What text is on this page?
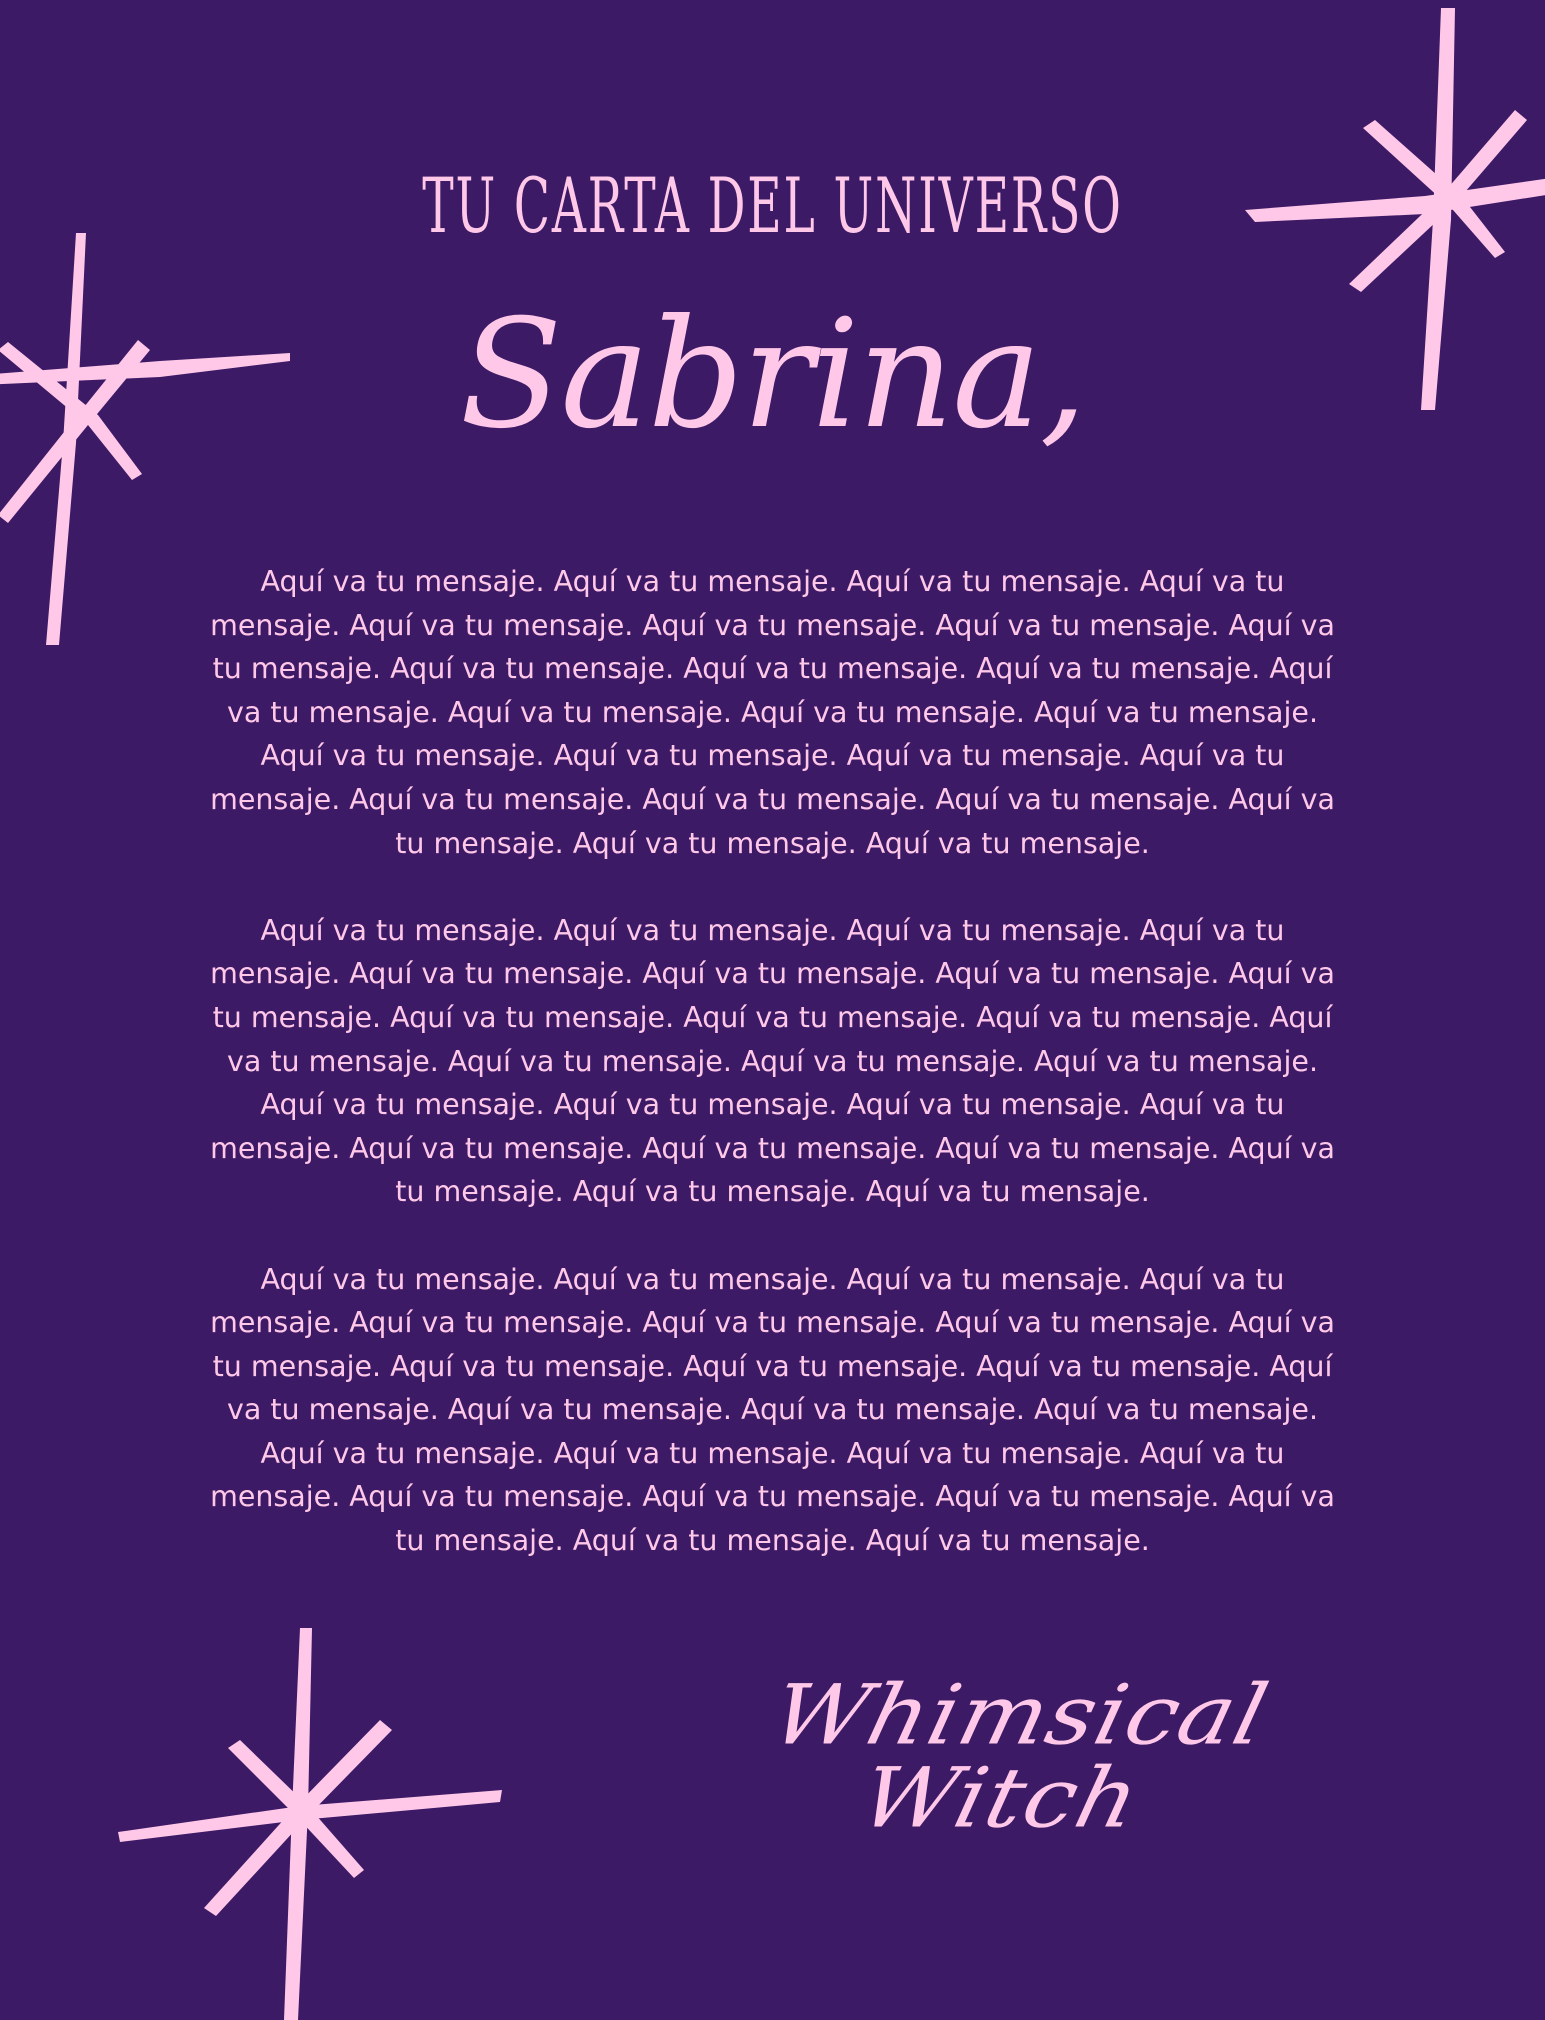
TU CARTA DEL UNIVERSO
Sabrina,

Aquí va tu mensaje. Aquí va tu mensaje. Aquí va tu mensaje. Aquí va tu mensaje. Aquí va tu mensaje. Aquí va tu mensaje. Aquí va tu mensaje. Aquí va tu mensaje. Aquí va tu mensaje. Aquí va tu mensaje. Aquí va tu mensaje. Aquí va tu mensaje. Aquí va tu mensaje. Aquí va tu mensaje. Aquí va tu mensaje. Aquí va tu mensaje. Aquí va tu mensaje. Aquí va tu mensaje. Aquí va tu mensaje. Aquí va tu mensaje. Aquí va tu mensaje. Aquí va tu mensaje. Aquí va tu mensaje. Aquí va tu mensaje. Aquí va tu mensaje.

Aquí va tu mensaje. Aquí va tu mensaje. Aquí va tu mensaje. Aquí va tu mensaje. Aquí va tu mensaje. Aquí va tu mensaje. Aquí va tu mensaje. Aquí va tu mensaje. Aquí va tu mensaje. Aquí va tu mensaje. Aquí va tu mensaje. Aquí va tu mensaje. Aquí va tu mensaje. Aquí va tu mensaje. Aquí va tu mensaje. Aquí va tu mensaje. Aquí va tu mensaje. Aquí va tu mensaje. Aquí va tu mensaje. Aquí va tu mensaje. Aquí va tu mensaje. Aquí va tu mensaje. Aquí va tu mensaje. Aquí va tu mensaje. Aquí va tu mensaje.

Aquí va tu mensaje. Aquí va tu mensaje. Aquí va tu mensaje. Aquí va tu mensaje. Aquí va tu mensaje. Aquí va tu mensaje. Aquí va tu mensaje. Aquí va tu mensaje. Aquí va tu mensaje. Aquí va tu mensaje. Aquí va tu mensaje. Aquí va tu mensaje. Aquí va tu mensaje. Aquí va tu mensaje. Aquí va tu mensaje. Aquí va tu mensaje. Aquí va tu mensaje. Aquí va tu mensaje. Aquí va tu mensaje. Aquí va tu mensaje. Aquí va tu mensaje. Aquí va tu mensaje. Aquí va tu mensaje. Aquí va tu mensaje. Aquí va tu mensaje.

Whimsical Witch
